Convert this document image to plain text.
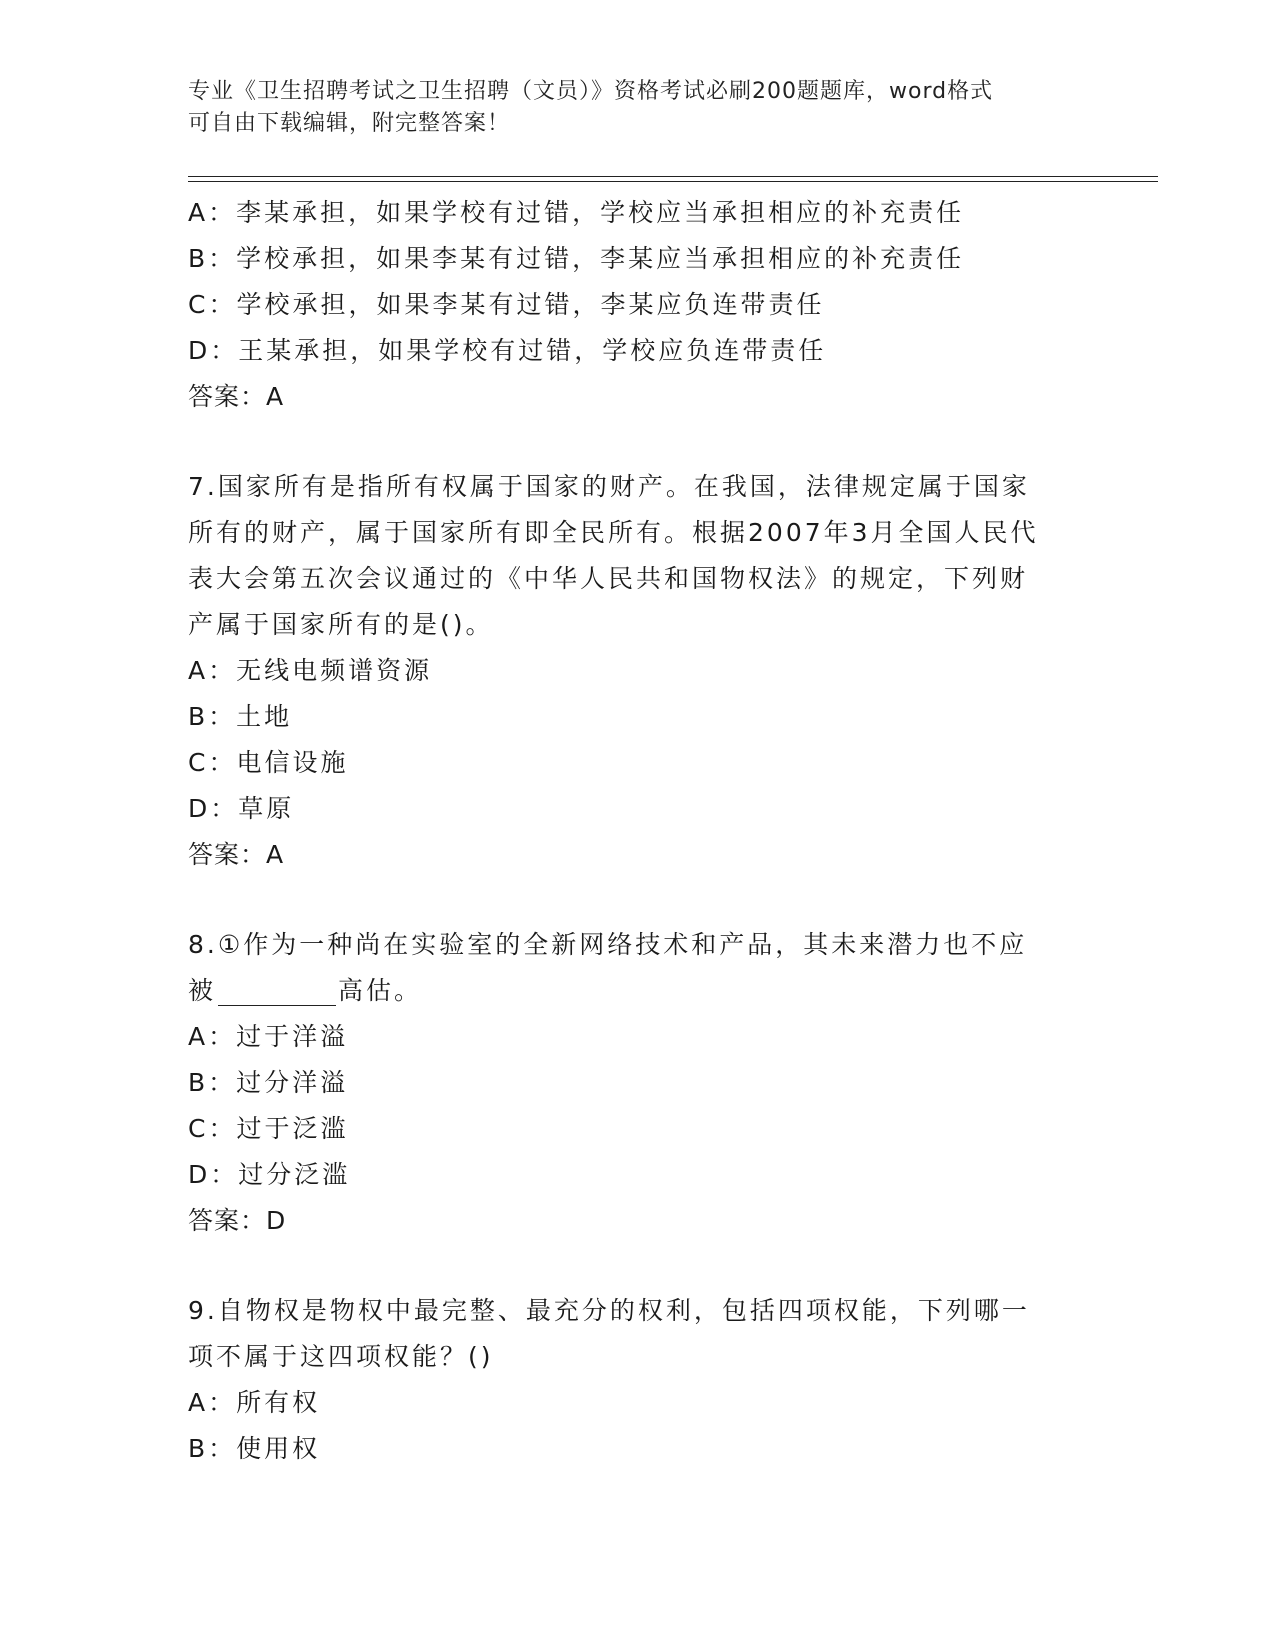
专业《卫生招聘考试之卫生招聘（文员）》资格考试必刷200题题库，word格式
可自由下载编辑，附完整答案！
A：李某承担，如果学校有过错，学校应当承担相应的补充责任
B：学校承担，如果李某有过错，李某应当承担相应的补充责任
C：学校承担，如果李某有过错，李某应负连带责任
D：王某承担，如果学校有过错，学校应负连带责任
答案：A
7.国家所有是指所有权属于国家的财产。在我国，法律规定属于国家
所有的财产，属于国家所有即全民所有。根据2007年3月全国人民代
表大会第五次会议通过的《中华人民共和国物权法》的规定，下列财
产属于国家所有的是()。
A：无线电频谱资源
B：土地
C：电信设施
D：草原
答案：A
8.①作为一种尚在实验室的全新网络技术和产品，其未来潜力也不应
被	高估。
A：过于洋溢
B：过分洋溢
C：过于泛滥
D：过分泛滥
答案：D
9.自物权是物权中最完整、最充分的权利，包括四项权能，下列哪一
项不属于这四项权能？()
A：所有权
B：使用权
